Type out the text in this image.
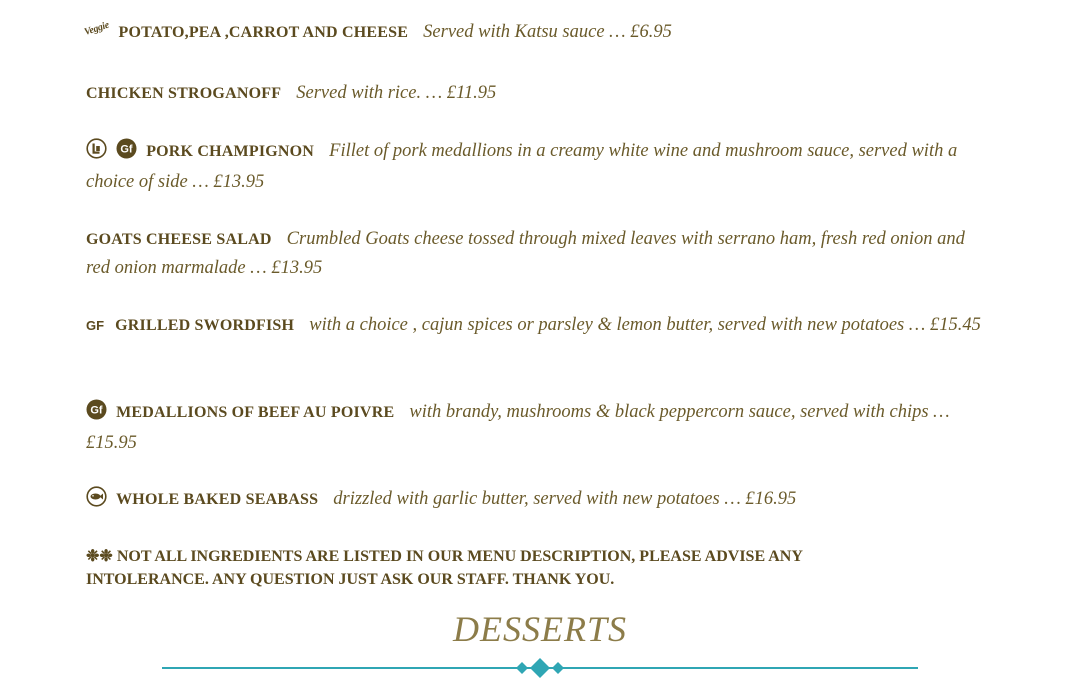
Veggie POTATO,PEA ,CARROT AND CHEESE Served with Katsu sauce … £6.95
CHICKEN STROGANOFF Served with rice. … £11.95

Gf PORK CHAMPIGNON Fillet of pork medallions in a creamy white wine and mushroom sauce, served with a choice of side … £13.95
GOATS CHEESE SALAD Crumbled Goats cheese tossed through mixed leaves with serrano ham, fresh red onion and red onion marmalade … £13.95
GF GRILLED SWORDFISH with a choice , cajun spices or parsley & lemon butter, served with new potatoes … £15.45
Gf MEDALLIONS OF BEEF AU POIVRE with brandy, mushrooms & black peppercorn sauce, served with chips … £15.95
WHOLE BAKED SEABASS drizzled with garlic butter, served with new potatoes … £16.95
❉❉ NOT ALL INGREDIENTS ARE LISTED IN OUR MENU DESCRIPTION, PLEASE ADVISE ANY
INTOLERANCE. ANY QUESTION JUST ASK OUR STAFF. THANK YOU.
DESSERTS
